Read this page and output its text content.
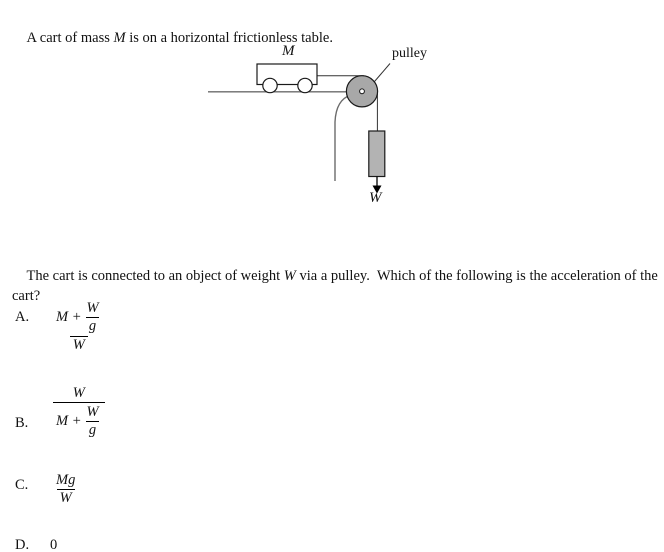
A cart of mass M is on a horizontal frictionless table.

M	pulley
W

The cart is connected to an object of weight W via a pulley.  Which of the following is the acceleration of the cart?

A. $\frac{M + \frac{W}{g}}{W}$
B. $\frac{W}{M + \frac{W}{g}}$
C. $\frac{Mg}{W}$
D. 0
